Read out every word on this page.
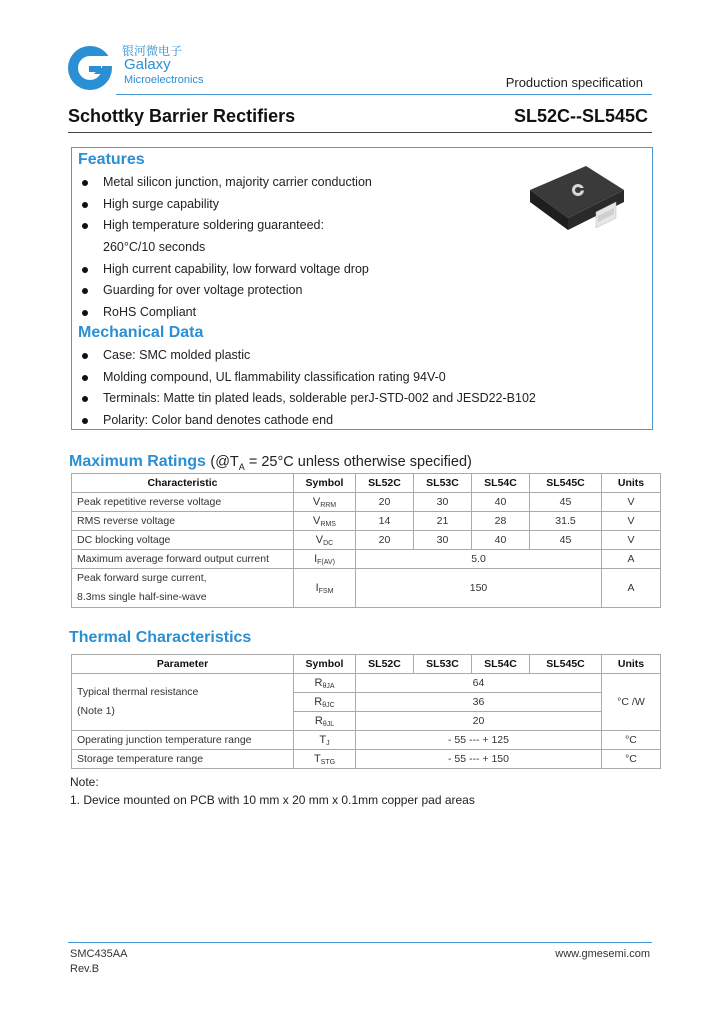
银河微电子
Galaxy
Microelectronics	Production specification
Schottky Barrier Rectifiers	SL52C--SL545C
Features
Metal silicon junction, majority carrier conduction
High surge capability
High temperature soldering guaranteed:
260°C/10 seconds
High current capability, low forward voltage drop
Guarding for over voltage protection
RoHS Compliant
Mechanical Data
Case: SMC molded plastic
Molding compound, UL flammability classification rating 94V-0
Terminals: Matte tin plated leads, solderable perJ-STD-002 and JESD22-B102
Polarity: Color band denotes cathode end
Maximum Ratings ($@T_A = 25^\circ C$ unless otherwise specified)
Characteristic	Symbol	SL52C	SL53C	SL54C	SL545C	Units
Peak repetitive reverse voltage	VRRM	20	30	40	45	V
RMS reverse voltage	VRMS	14	21	28	31.5	V
DC blocking voltage	VDC	20	30	40	45	V
Maximum average forward output current	IF(AV)	5.0				A
Peak forward surge current,
8.3ms single half-sine-wave	IFSM	150				A
Thermal Characteristics
Parameter	Symbol	SL52C	SL53C	SL54C	SL545C	Units
Typical thermal resistance
(Note 1)	RθJA	64				°C /W
	RθJC	36				
	RθJL	20				
Operating junction temperature range	TJ	- 55 --- + 125				°C
Storage temperature range	TSTG	- 55 --- + 150				°C
Note:
1. Device mounted on PCB with 10 mm x 20 mm x 0.1mm copper pad areas
SMC435AA
Rev.B
www.gmesemi.com
